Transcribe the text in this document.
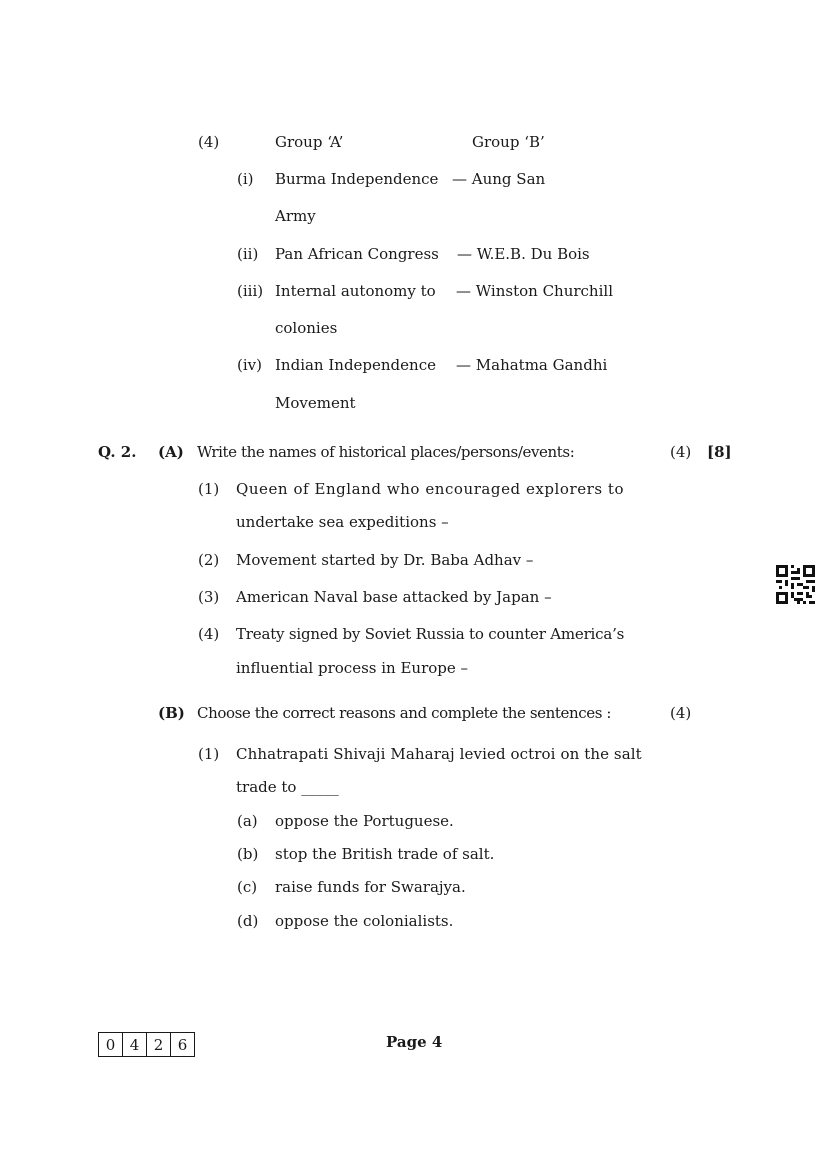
(4)	Group ‘A’	Group ‘B’
(i) Burma Independence — Aung San
Army
(ii) Pan African Congress — W.E.B. Du Bois
(iii) Internal autonomy to — Winston Churchill
colonies
(iv) Indian Independence — Mahatma Gandhi
Movement
Q. 2. (A) Write the names of historical places/persons/events:	(4) [8]
(1) Queen of England who encouraged explorers to
undertake sea expeditions –
(2) Movement started by Dr. Baba Adhav –
(3) American Naval base attacked by Japan –
(4) Treaty signed by Soviet Russia to counter America’s
influential process in Europe –
(B) Choose the correct reasons and complete the sentences :	(4)
(1) Chhatrapati Shivaji Maharaj levied octroi on the salt
trade to _____
(a) oppose the Portuguese.
(b) stop the British trade of salt.
(c) raise funds for Swarajya.
(d) oppose the colonialists.
0 4 2 6	Page 4
